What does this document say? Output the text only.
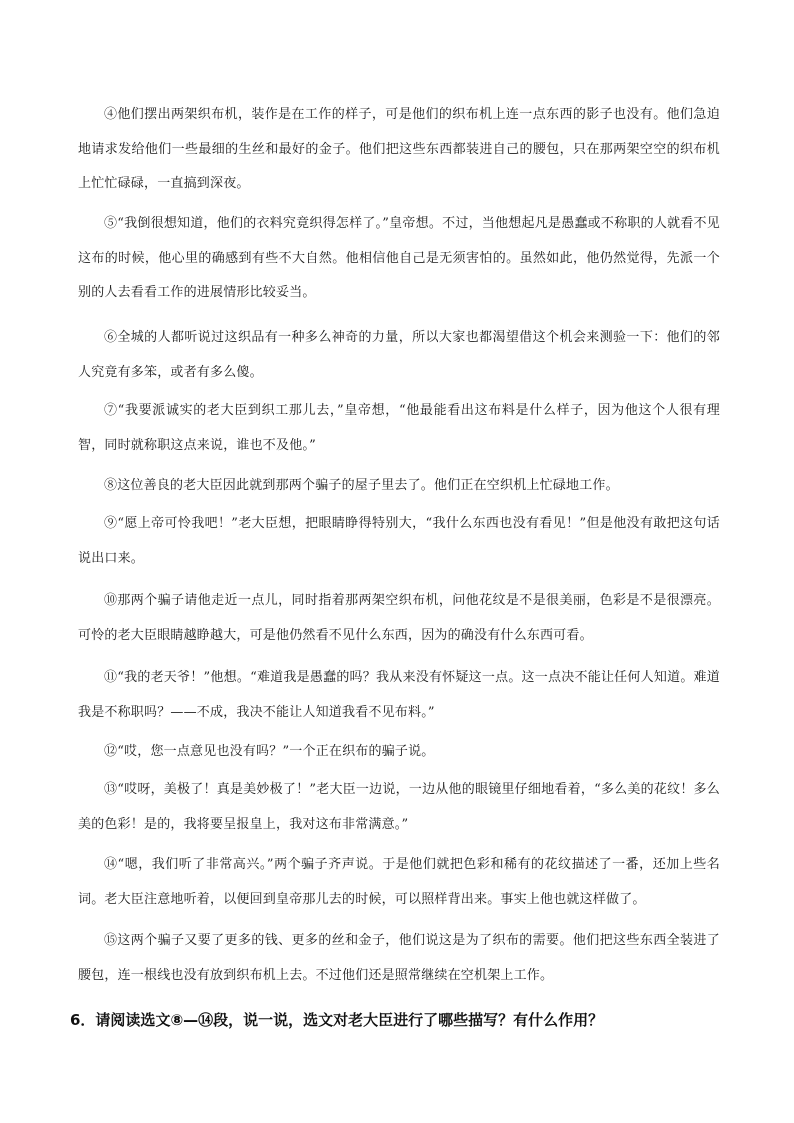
④他们摆出两架织布机，装作是在工作的样子，可是他们的织布机上连一点东西的影子也没有。他们急迫地请求发给他们一些最细的生丝和最好的金子。他们把这些东西都装进自己的腰包，只在那两架空空的织布机上忙忙碌碌，一直搞到深夜。

⑤“我倒很想知道，他们的衣料究竟织得怎样了。”皇帝想。不过，当他想起凡是愚蠢或不称职的人就看不见这布的时候，他心里的确感到有些不大自然。他相信他自己是无须害怕的。虽然如此，他仍然觉得，先派一个别的人去看看工作的进展情形比较妥当。

⑥全城的人都听说过这织品有一种多么神奇的力量，所以大家也都渴望借这个机会来测验一下：他们的邻人究竟有多笨，或者有多么傻。

⑦“我要派诚实的老大臣到织工那儿去，”皇帝想，“他最能看出这布料是什么样子，因为他这个人很有理智，同时就称职这点来说，谁也不及他。”

⑧这位善良的老大臣因此就到那两个骗子的屋子里去了。他们正在空织机上忙碌地工作。

⑨“愿上帝可怜我吧！”老大臣想，把眼睛睁得特别大，“我什么东西也没有看见！”但是他没有敢把这句话说出口来。

⑩那两个骗子请他走近一点儿，同时指着那两架空织布机，问他花纹是不是很美丽，色彩是不是很漂亮。可怜的老大臣眼睛越睁越大，可是他仍然看不见什么东西，因为的确没有什么东西可看。

⑪“我的老天爷！”他想。“难道我是愚蠢的吗？我从来没有怀疑这一点。这一点决不能让任何人知道。难道我是不称职吗？——不成，我决不能让人知道我看不见布料。”

⑫“哎，您一点意见也没有吗？”一个正在织布的骗子说。

⑬“哎呀，美极了！真是美妙极了！”老大臣一边说，一边从他的眼镜里仔细地看着，“多么美的花纹！多么美的色彩！是的，我将要呈报皇上，我对这布非常满意。”

⑭“嗯，我们听了非常高兴。”两个骗子齐声说。于是他们就把色彩和稀有的花纹描述了一番，还加上些名词。老大臣注意地听着，以便回到皇帝那儿去的时候，可以照样背出来。事实上他也就这样做了。

⑮这两个骗子又要了更多的钱、更多的丝和金子，他们说这是为了织布的需要。他们把这些东西全装进了腰包，连一根线也没有放到织布机上去。不过他们还是照常继续在空机架上工作。

6．请阅读选文⑧—⑭段，说一说，选文对老大臣进行了哪些描写？有什么作用？
